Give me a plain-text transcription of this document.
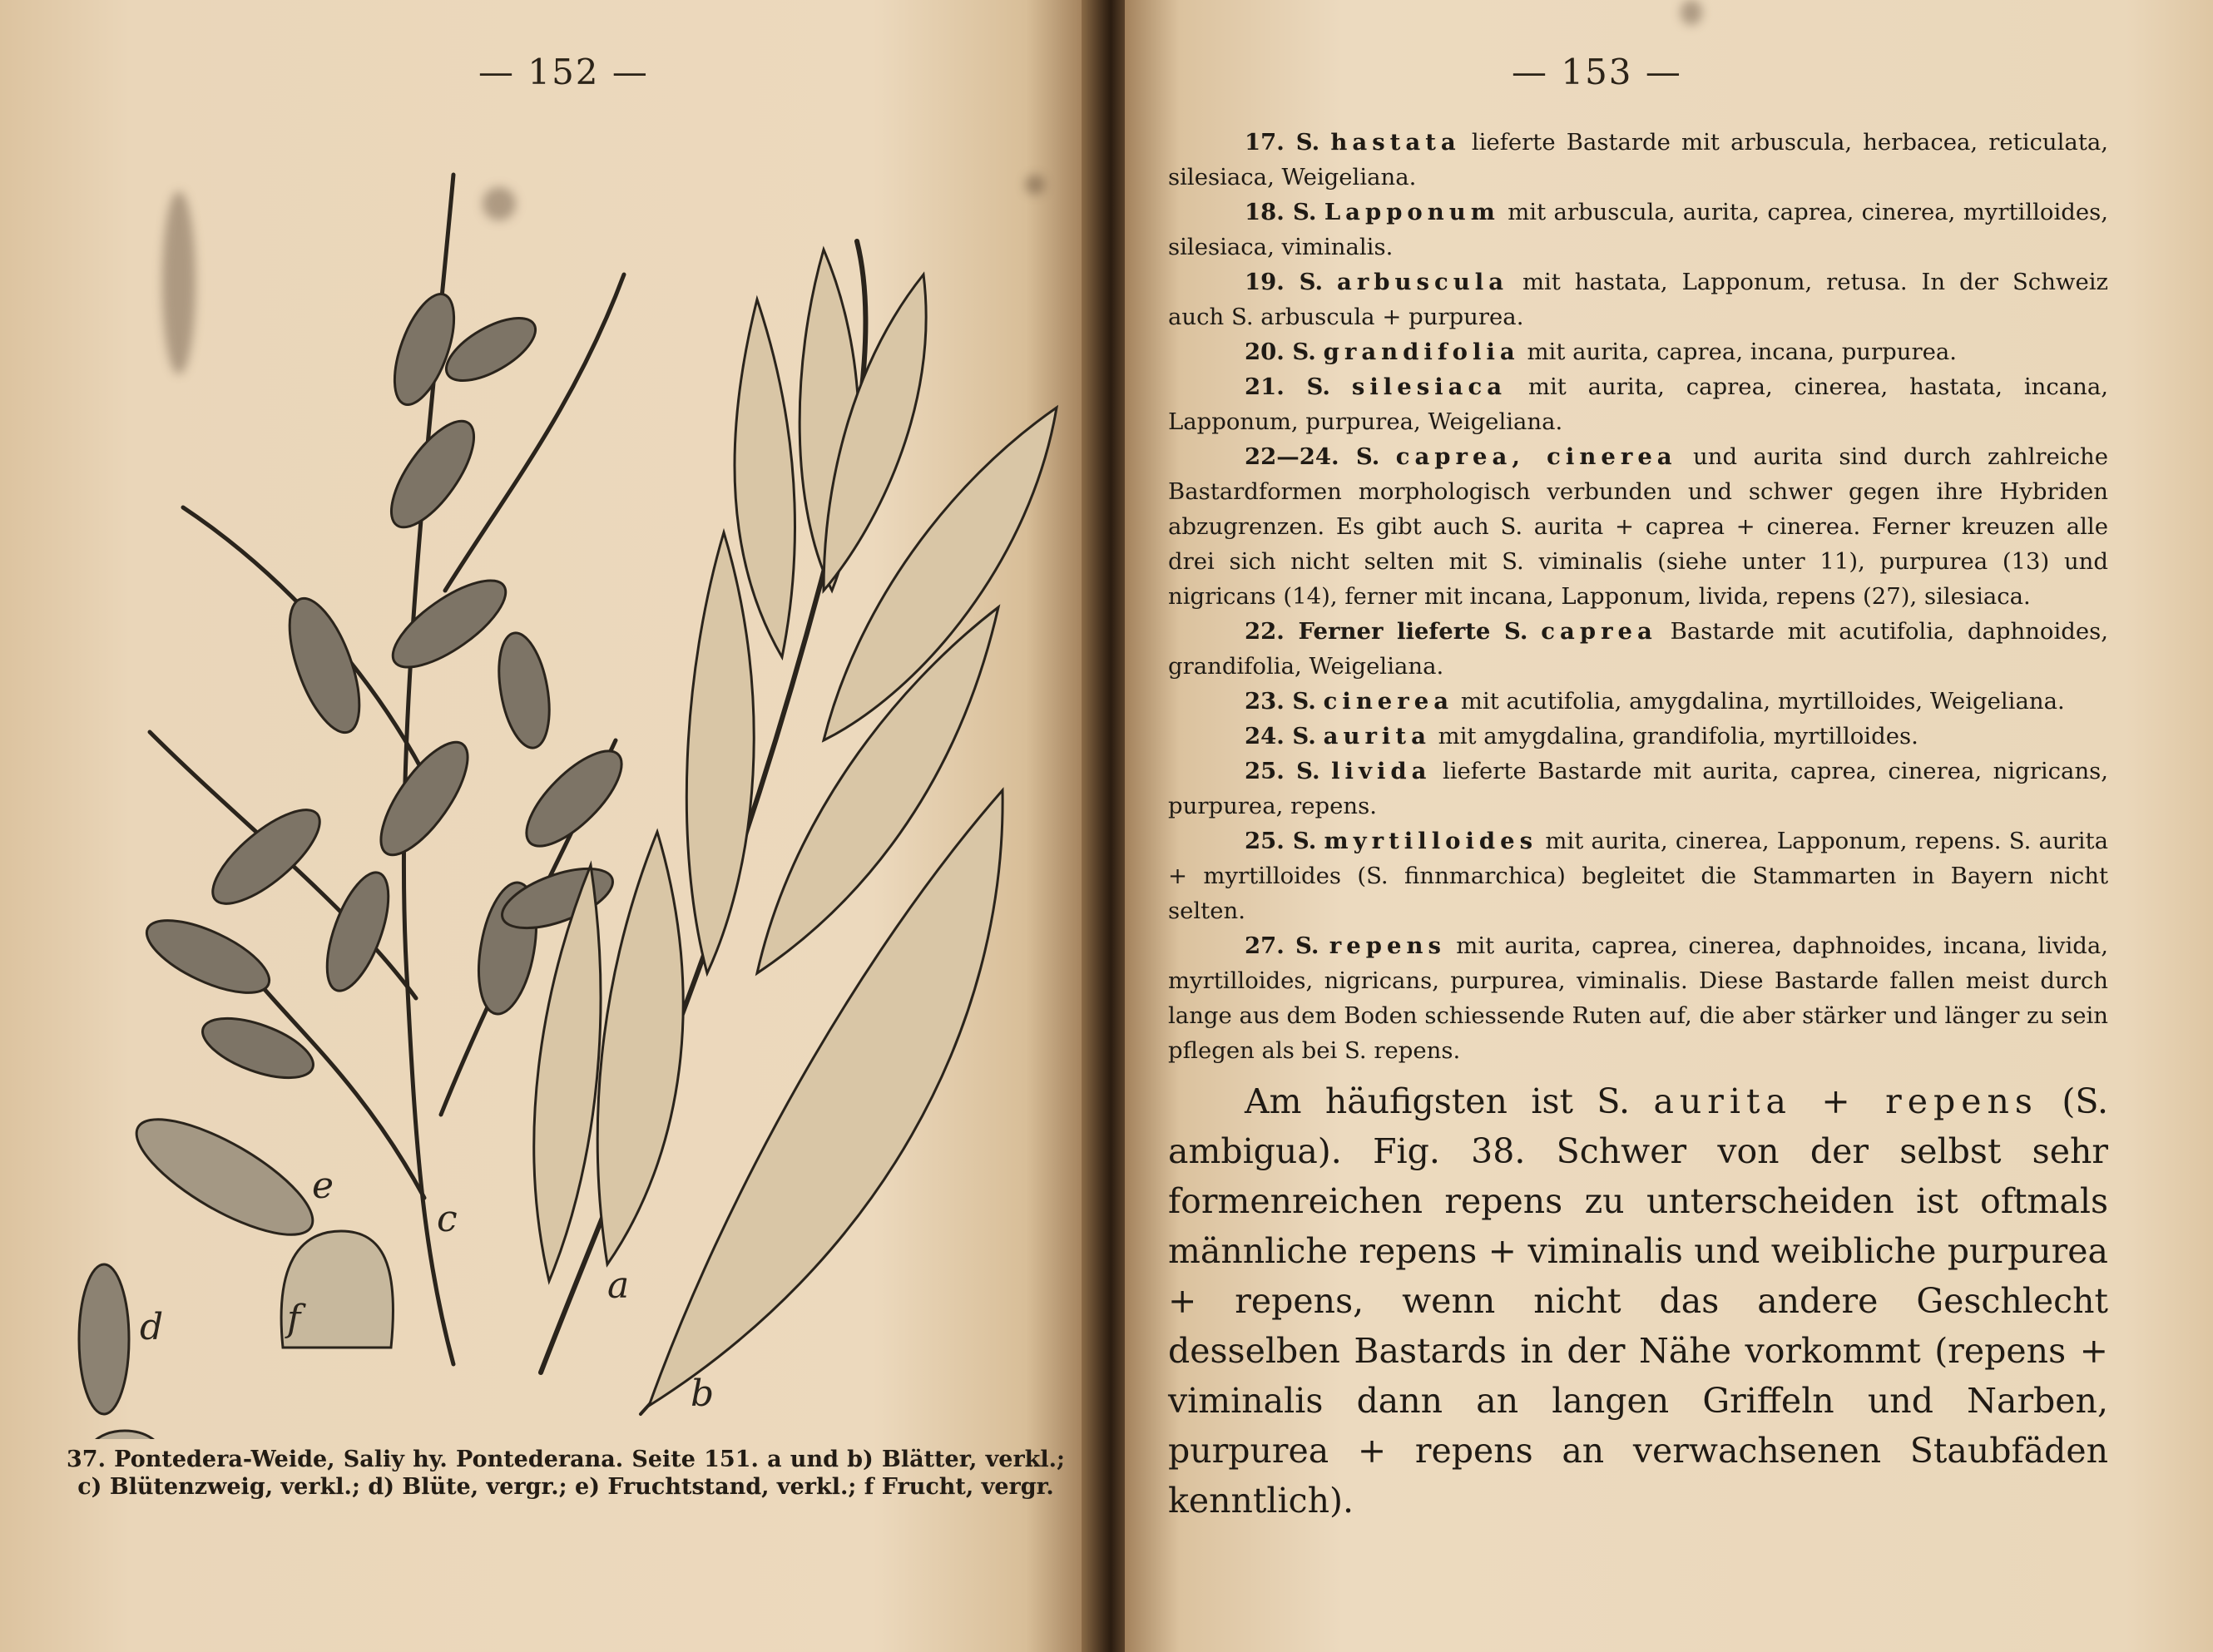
— 152 —
a
b
c
d
e
f
37. Pontedera-Weide, Saliy hy. Pontederana. Seite 151. a und b) Blätter, verkl.; c) Blütenzweig, verkl.; d) Blüte, vergr.; e) Fruchtstand, verkl.; f Frucht, vergr.
— 153 —

17. S. hastata lieferte Bastarde mit arbuscula, herbacea, reticulata, silesiaca, Weigeliana.

18. S. Lapponum mit arbuscula, aurita, caprea, cinerea, myrtilloides, silesiaca, viminalis.

19. S. arbuscula mit hastata, Lapponum, retusa. In der Schweiz auch S. arbuscula + purpurea.

20. S. grandifolia mit aurita, caprea, incana, purpurea.

21. S. silesiaca mit aurita, caprea, cinerea, hastata, incana, Lapponum, purpurea, Weigeliana.

22—24. S. caprea, cinerea und aurita sind durch zahlreiche Bastardformen morphologisch verbunden und schwer gegen ihre Hybriden abzugrenzen. Es gibt auch S. aurita + caprea + cinerea. Ferner kreuzen alle drei sich nicht selten mit S. viminalis (siehe unter 11), purpurea (13) und nigricans (14), ferner mit incana, Lapponum, livida, repens (27), silesiaca.

22. Ferner lieferte S. caprea Bastarde mit acutifolia, daphnoides, grandifolia, Weigeliana.

23. S. cinerea mit acutifolia, amygdalina, myrtilloides, Weigeliana.

24. S. aurita mit amygdalina, grandifolia, myrtilloides.

25. S. livida lieferte Bastarde mit aurita, caprea, cinerea, nigricans, purpurea, repens.

25. S. myrtilloides mit aurita, cinerea, Lapponum, repens. S. aurita + myrtilloides (S. finnmarchica) begleitet die Stammarten in Bayern nicht selten.

27. S. repens mit aurita, caprea, cinerea, daphnoides, incana, livida, myrtilloides, nigricans, purpurea, viminalis. Diese Bastarde fallen meist durch lange aus dem Boden schiessende Ruten auf, die aber stärker und länger zu sein pflegen als bei S. repens.

Am häufigsten ist S. aurita + repens (S. ambigua). Fig. 38. Schwer von der selbst sehr formenreichen repens zu unterscheiden ist oftmals männliche repens + viminalis und weibliche purpurea + repens, wenn nicht das andere Geschlecht desselben Bastards in der Nähe vorkommt (repens + viminalis dann an langen Griffeln und Narben, purpurea + repens an verwachsenen Staubfäden kenntlich).
